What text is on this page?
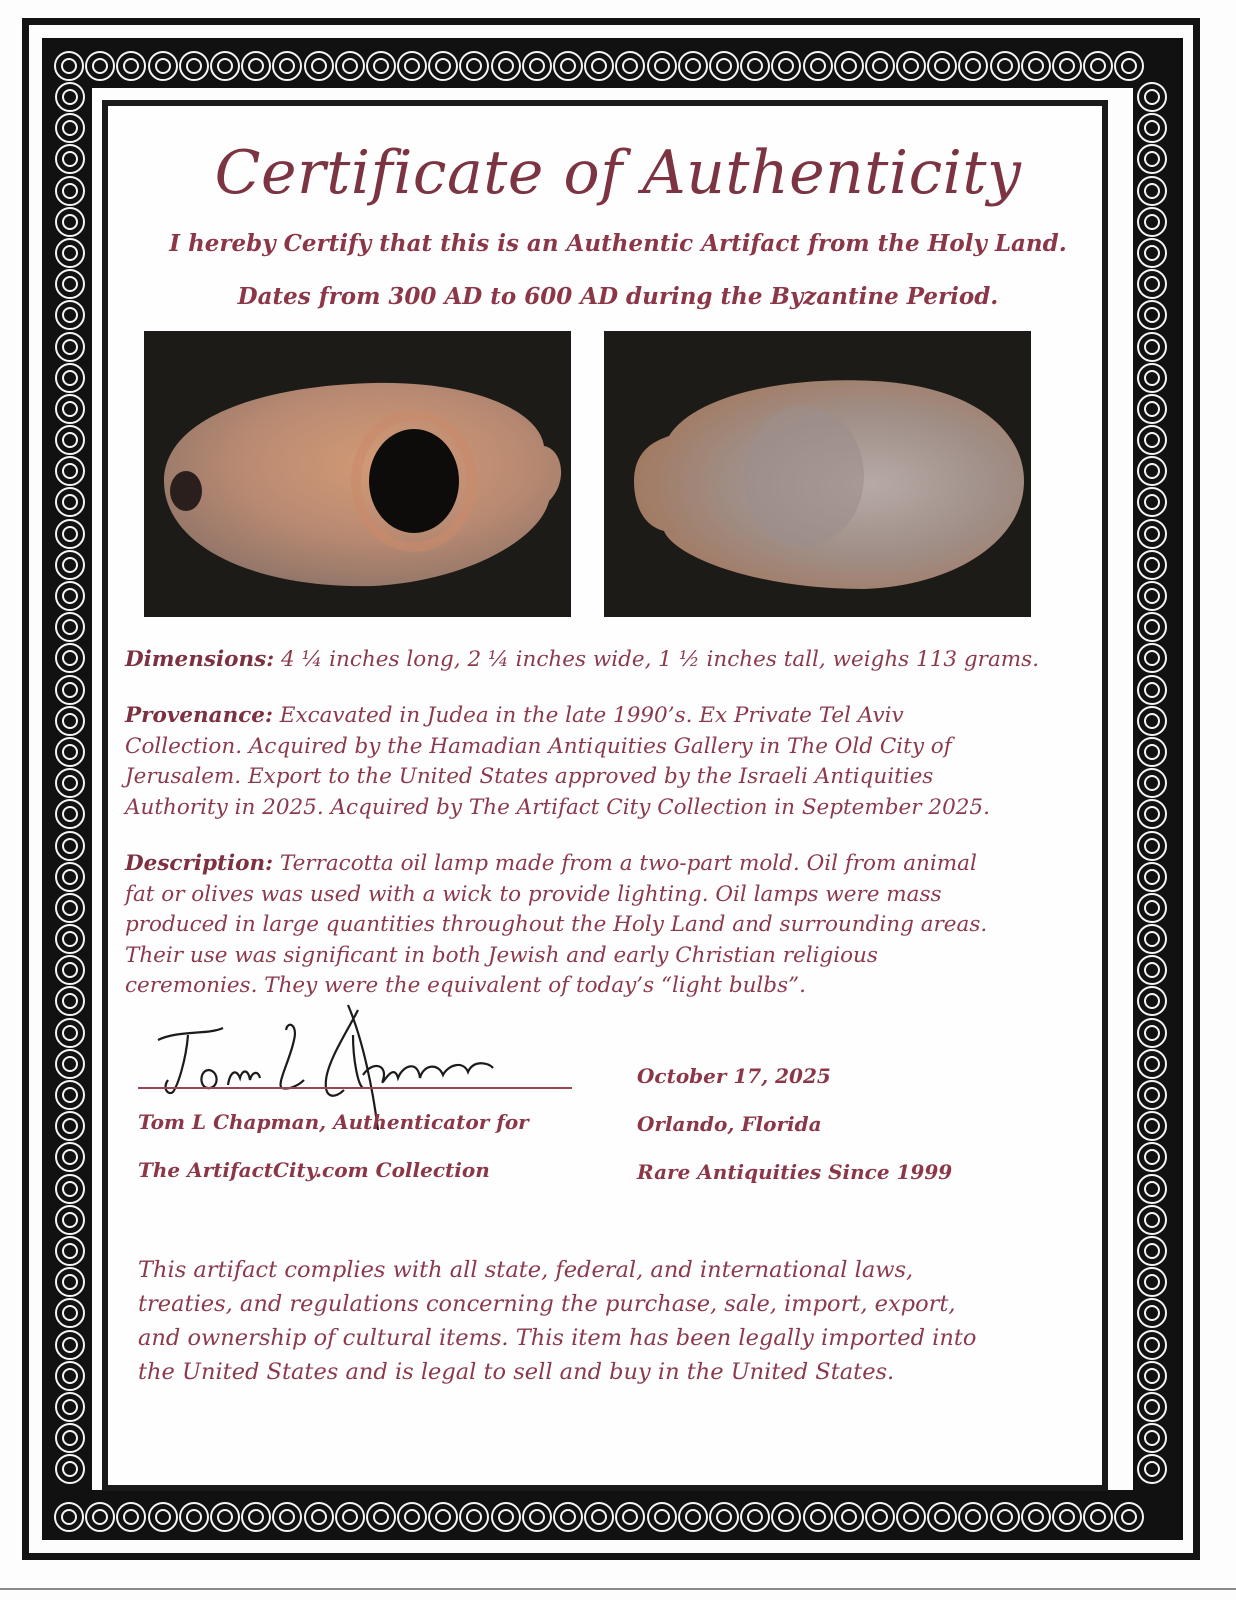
Certificate of Authenticity
I hereby Certify that this is an Authentic Artifact from the Holy Land.
Dates from 300 AD to 600 AD during the Byzantine Period.
Dimensions: 4 ¼ inches long, 2 ¼ inches wide, 1 ½ inches tall, weighs 113 grams.
Provenance: Excavated in Judea in the late 1990’s. Ex Private Tel Aviv
Collection. Acquired by the Hamadian Antiquities Gallery in The Old City of
Jerusalem. Export to the United States approved by the Israeli Antiquities
Authority in 2025. Acquired by The Artifact City Collection in September 2025.
Description: Terracotta oil lamp made from a two-part mold. Oil from animal
fat or olives was used with a wick to provide lighting. Oil lamps were mass
produced in large quantities throughout the Holy Land and surrounding areas.
Their use was significant in both Jewish and early Christian religious
ceremonies. They were the equivalent of today’s “light bulbs”.
Tom L Chapman, Authenticator for
The ArtifactCity.com Collection
October 17, 2025
Orlando, Florida
Rare Antiquities Since 1999
This artifact complies with all state, federal, and international laws,
treaties, and regulations concerning the purchase, sale, import, export,
and ownership of cultural items. This item has been legally imported into
the United States and is legal to sell and buy in the United States.
